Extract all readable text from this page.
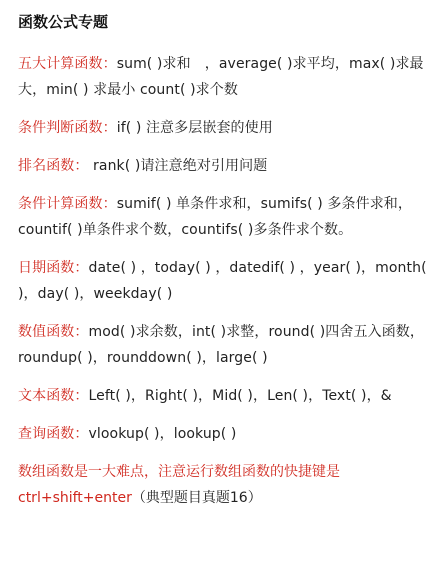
函数公式专题
五大计算函数：sum( )求和　，average( )求平均，max( )求最大，min( ) 求最小 count( )求个数
条件判断函数：if( ) 注意多层嵌套的使用
排名函数： rank( )请注意绝对引用问题
条件计算函数：sumif( ) 单条件求和，sumifs( ) 多条件求和，countif( )单条件求个数，countifs( )多条件求个数。
日期函数：date( ) ，today( ) ，datedif( ) ，year( )，month( )，day( )，weekday( )
数值函数：mod( )求余数，int( )求整，round( )四舍五入函数，roundup( )，rounddown( )，large( )
文本函数：Left( )，Right( )，Mid( )，Len( )，Text( )，&
查询函数：vlookup( )，lookup( )
数组函数是一大难点，注意运行数组函数的快捷键是ctrl+shift+enter（典型题目真题16）
